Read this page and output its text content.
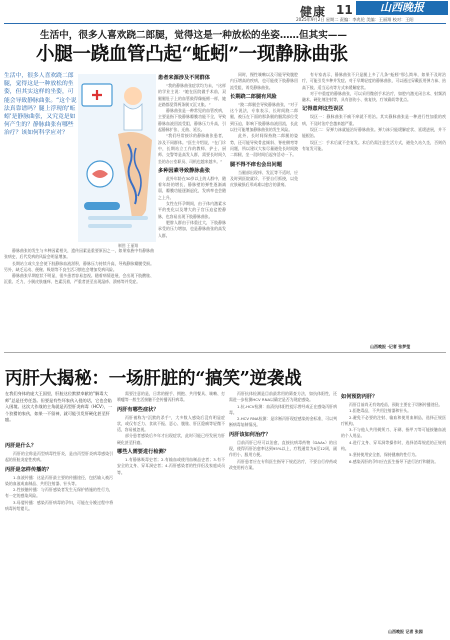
健康 11	山西晚报
2025年9月2日 星期二 责编：李兆伦 美编：王丽翔 校对：王阳
生活中，很多人喜欢跷二郎腿，觉得这是一种放松的坐姿……但其实——
小腿一跷血管凸起“蚯蚓”一现静脉曲张
生活中，很多人喜欢跷二郎腿，觉得这是一种放松的坐姿，但其实这样的坐姿，可能会导致静脉曲张。“这个说法真靠谱吗？腿上浮现的‘蚯蚓’是静脉曲张，又究竟是如何产生的？静脉曲张有哪些治疗？该如何科学应对？
制图 王丽翔

静脉曲张的发生与多种因素相关，遗传因素是重要原因之一，如果家族中有静脉曲张病史，后代发病的风险会明显增加。

长期站立或久坐会使下肢静脉血液淤积，静脉压力持续升高，导致静脉瓣膜受损。另外，缺乏运动、便秘、吸烟等不良生活习惯也会增加发病风险。

静脉曲张早期症状不明显，很多患者容易忽视。随着病情进展，会出现下肢酸胀、沉重、乏力，小腿皮肤瘙痒、色素沉着，严重者甚至出现湿疹、溃疡等并发症。

患者来源涉及不同群体

“我的静脉曲张症状均为未，”这样的学业主说：“她在医院做手术前，双腿腿肚子上的血管鼓得像蚯蚓一样，她走路都觉得两条腿又沉又胀。”

静脉曲张是一种常见的血管疾病，主要是指下肢静脉瓣膜功能不全，导致静脉血液回流受阻，静脉压力升高，引起静脉扩张、迂曲、延长。

“我们经常接诊的静脉曲张患者，涉及不同群体。”医生介绍说，“在门诊中，长期站立工作的教师、护士、厨师、交警等是高发人群，需要长时间久坐的办公室职员、司机也越来越多。”

多种因素导致静脉曲张

此外年龄在30岁以上的人群中，随着年龄的增长，静脉壁的弹性逐渐减弱，瓣膜功能逐渐退化，发病率也会随之上升。

女性在怀孕期间，由于体内激素水平的变化以及增大的子宫压迫盆腔静脉，也容易出现下肢静脉曲张。

肥胖人群由于体重过大，下肢静脉承受的压力增加，也是静脉曲张的高发人群。

同时，慢性咳嗽以及可能导致腹腔内压增高的疾病，也可能使下肢静脉回流受阻，诱发静脉曲张。

长期跷二郎腿有风险

“跷二郎腿会导致静脉曲张，”对于这个说法，专家表示，长时间跷二郎腿，被压在下面的那条腿的腘窝部位受到压迫，影响下肢静脉血液回流，长此以往可能增加静脉曲张的发生风险。

此外，长时间保持跷二郎腿的姿势，还可能导致骨盆倾斜、脊柱侧弯等问题，所以建议大家尽量避免长时间跷二郎腿，坐一段时间后起身活动一下。

腿不得不痒也会出问题

当腿部出现痒、发沉等不适时，应及时到医院就诊，不要自行抓挠，以免皮肤破损后形成难以愈合的溃疡。

有专家表示，静脉曲张不只是腿上多了几条“蚯蚓”那么简单，如果不及时治疗，可能引发多种并发症。对于早期轻度的静脉曲张，可以通过穿戴医用弹力袜、抬高下肢、适当运动等方式来缓解症状。

对于中重度的静脉曲张，可以采用微创手术治疗，如腔内激光闭合术、射频消融术、硬化剂注射等，具有创伤小、恢复快、疗效确切等优点。

记得意拜这些误区

误区一：静脉曲张不痛不痒就不用治。其实静脉曲张是一种进行性加重的疾病，不及时治疗会越来越严重。

误区二：穿弹力袜就能治好静脉曲张。弹力袜只能缓解症状、延缓进展，并不能根治。

误区三：手术后就不会复发。术后仍需注意生活方式，避免久站久坐，否则仍有复发可能。

山西晚报 ·记者 张梦莹
丙肝大揭秘：一场肝脏的“搞笑”逆袭战
在我们身体的庞大王国里，肝脏这位默默奉献的“解毒大师”总是任劳任怨。但要是有些坏家伙入侵的话，它也会陷入困境。这次大作战的主角就是丙型肝炎病毒（HCV），一个狡猾的家伙，如果一不留神，就可能引发肝硬化甚至肝癌。
丙肝是什么？

丙肝的全称是丙型病毒性肝炎，是由丙型肝炎病毒感染引起的肝脏炎症性疾病。

丙肝是怎样传播的？

1.血液传播：这是丙肝最主要的传播途径，包括输入被污染的血液或血制品、共用注射器、针头等。

2.性接触传播：与丙肝感染者发生无保护措施的性行为，有一定的感染风险。

3.母婴传播：感染丙肝病毒的孕妇，可能在分娩过程中将病毒传给婴儿。

需要注意的是，日常的握手、拥抱、共用餐具、咳嗽、打喷嚏等一般生活接触不会传播丙肝病毒。

丙肝有哪些症状？

丙肝被称为“沉默的杀手”，大多数人感染后没有明显症状，或仅有乏力、食欲不振、恶心、腹胀、肝区隐痛等轻微不适，容易被忽视。

部分患者感染后多年才出现症状，此时可能已经发展为肝硬化甚至肝癌。

哪些人需要进行检测？

1.有静脉吸毒史者；2.有输血或使用血制品史者；3.有不安全的文身、穿耳洞史者；4.丙肝感染者的性伴侣及家庭成员等。

丙肝抗体检测是目前最常用的筛查方法，如抗体阳性，还需进一步检测HCV RNA以确定是否为现症感染。

1.抗-HCV检测：血清抗体阳性提示曾经或正在感染丙肝病毒。

2.HCV RNA检测：是诊断丙肝现症感染的金标准，可以判断病毒复制情况。

丙肝该如何治疗？

目前丙肝已经可以治愈，直接抗病毒药物（DAAs）的出现，使得丙肝治愈率达到95%以上，疗程通常为8至12周，副作用小，服用方便。

丙肝患者应在专科医生指导下规范治疗，不要自行停药或改变用药方案。

如何预防丙肝？

丙肝目前尚无有效疫苗，预防主要在于切断传播途径。

1.拒绝毒品，不共用注射器和针头。

2.避免不必要的注射、输血和使用血制品，选择正规医疗机构。

3.不与他人共用剃须刀、牙刷、指甲刀等可能接触血液的个人用品。

4.进行文身、穿耳洞等操作时，选择消毒规范的正规机构。

5.坚持使用安全套，保持健康的性行为。

6.感染丙肝的孕妇应在医生指导下进行治疗和随访。

山西晚报 记者 张园
